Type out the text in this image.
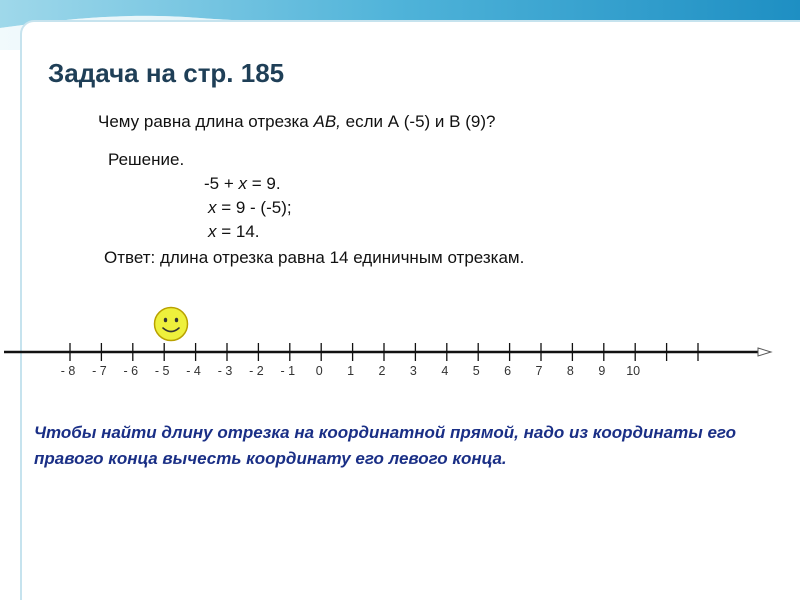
Задача на стр. 185

Чему равна длина отрезка АВ, если А (-5) и В (9)?

Решение.

-5 + x = 9.

x = 9 - (-5);

x = 14.

Ответ: длина отрезка равна 14 единичным отрезкам.

- 8 - 7 - 6 - 5 - 4 - 3 - 2 - 1 0 1 2 3 4 5 6 7 8 9 10

Чтобы найти длину отрезка на координатной прямой, надо из координаты его правого конца вычесть координату его левого конца.
